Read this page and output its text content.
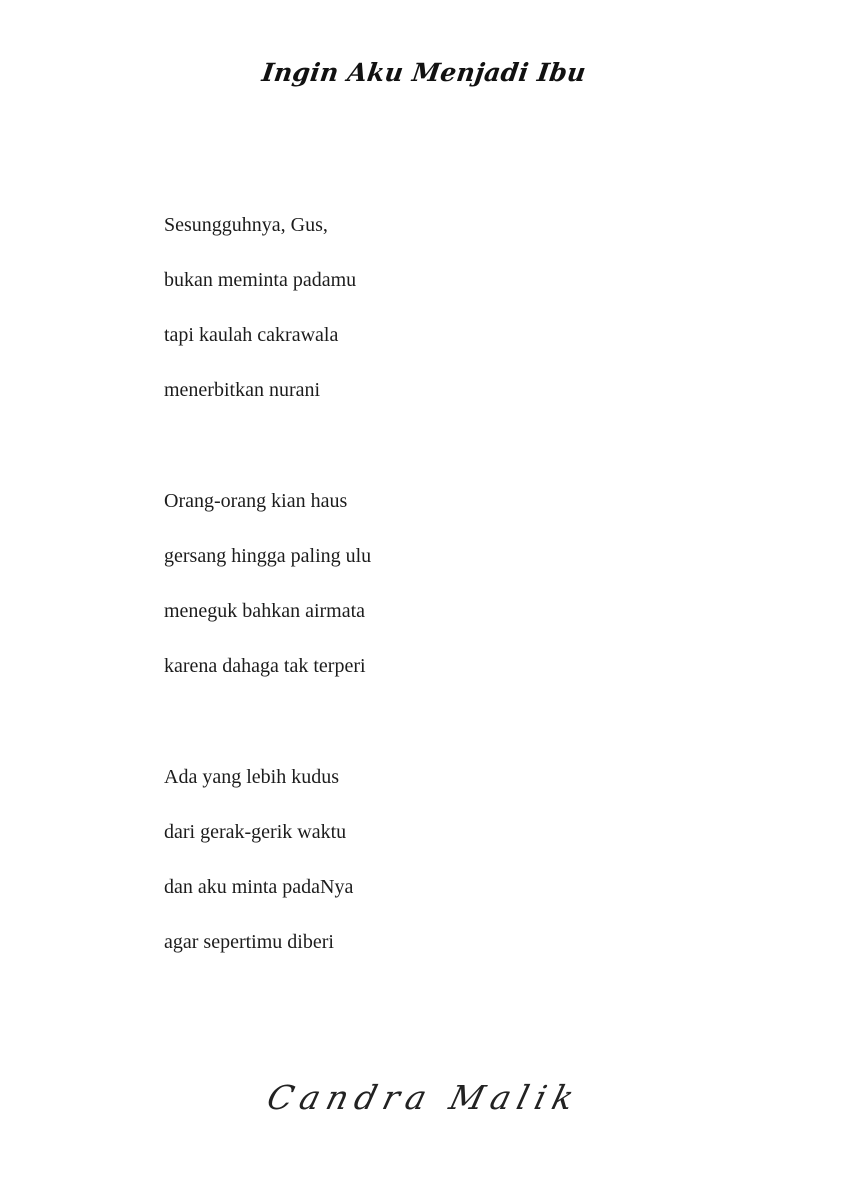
Ingin Aku Menjadi Ibu
Sesungguhnya, Gus,
bukan meminta padamu
tapi kaulah cakrawala
menerbitkan nurani
Orang-orang kian haus
gersang hingga paling ulu
meneguk bahkan airmata
karena dahaga tak terperi
Ada yang lebih kudus
dari gerak-gerik waktu
dan aku minta padaNya
agar sepertimu diberi
Candra Malik
